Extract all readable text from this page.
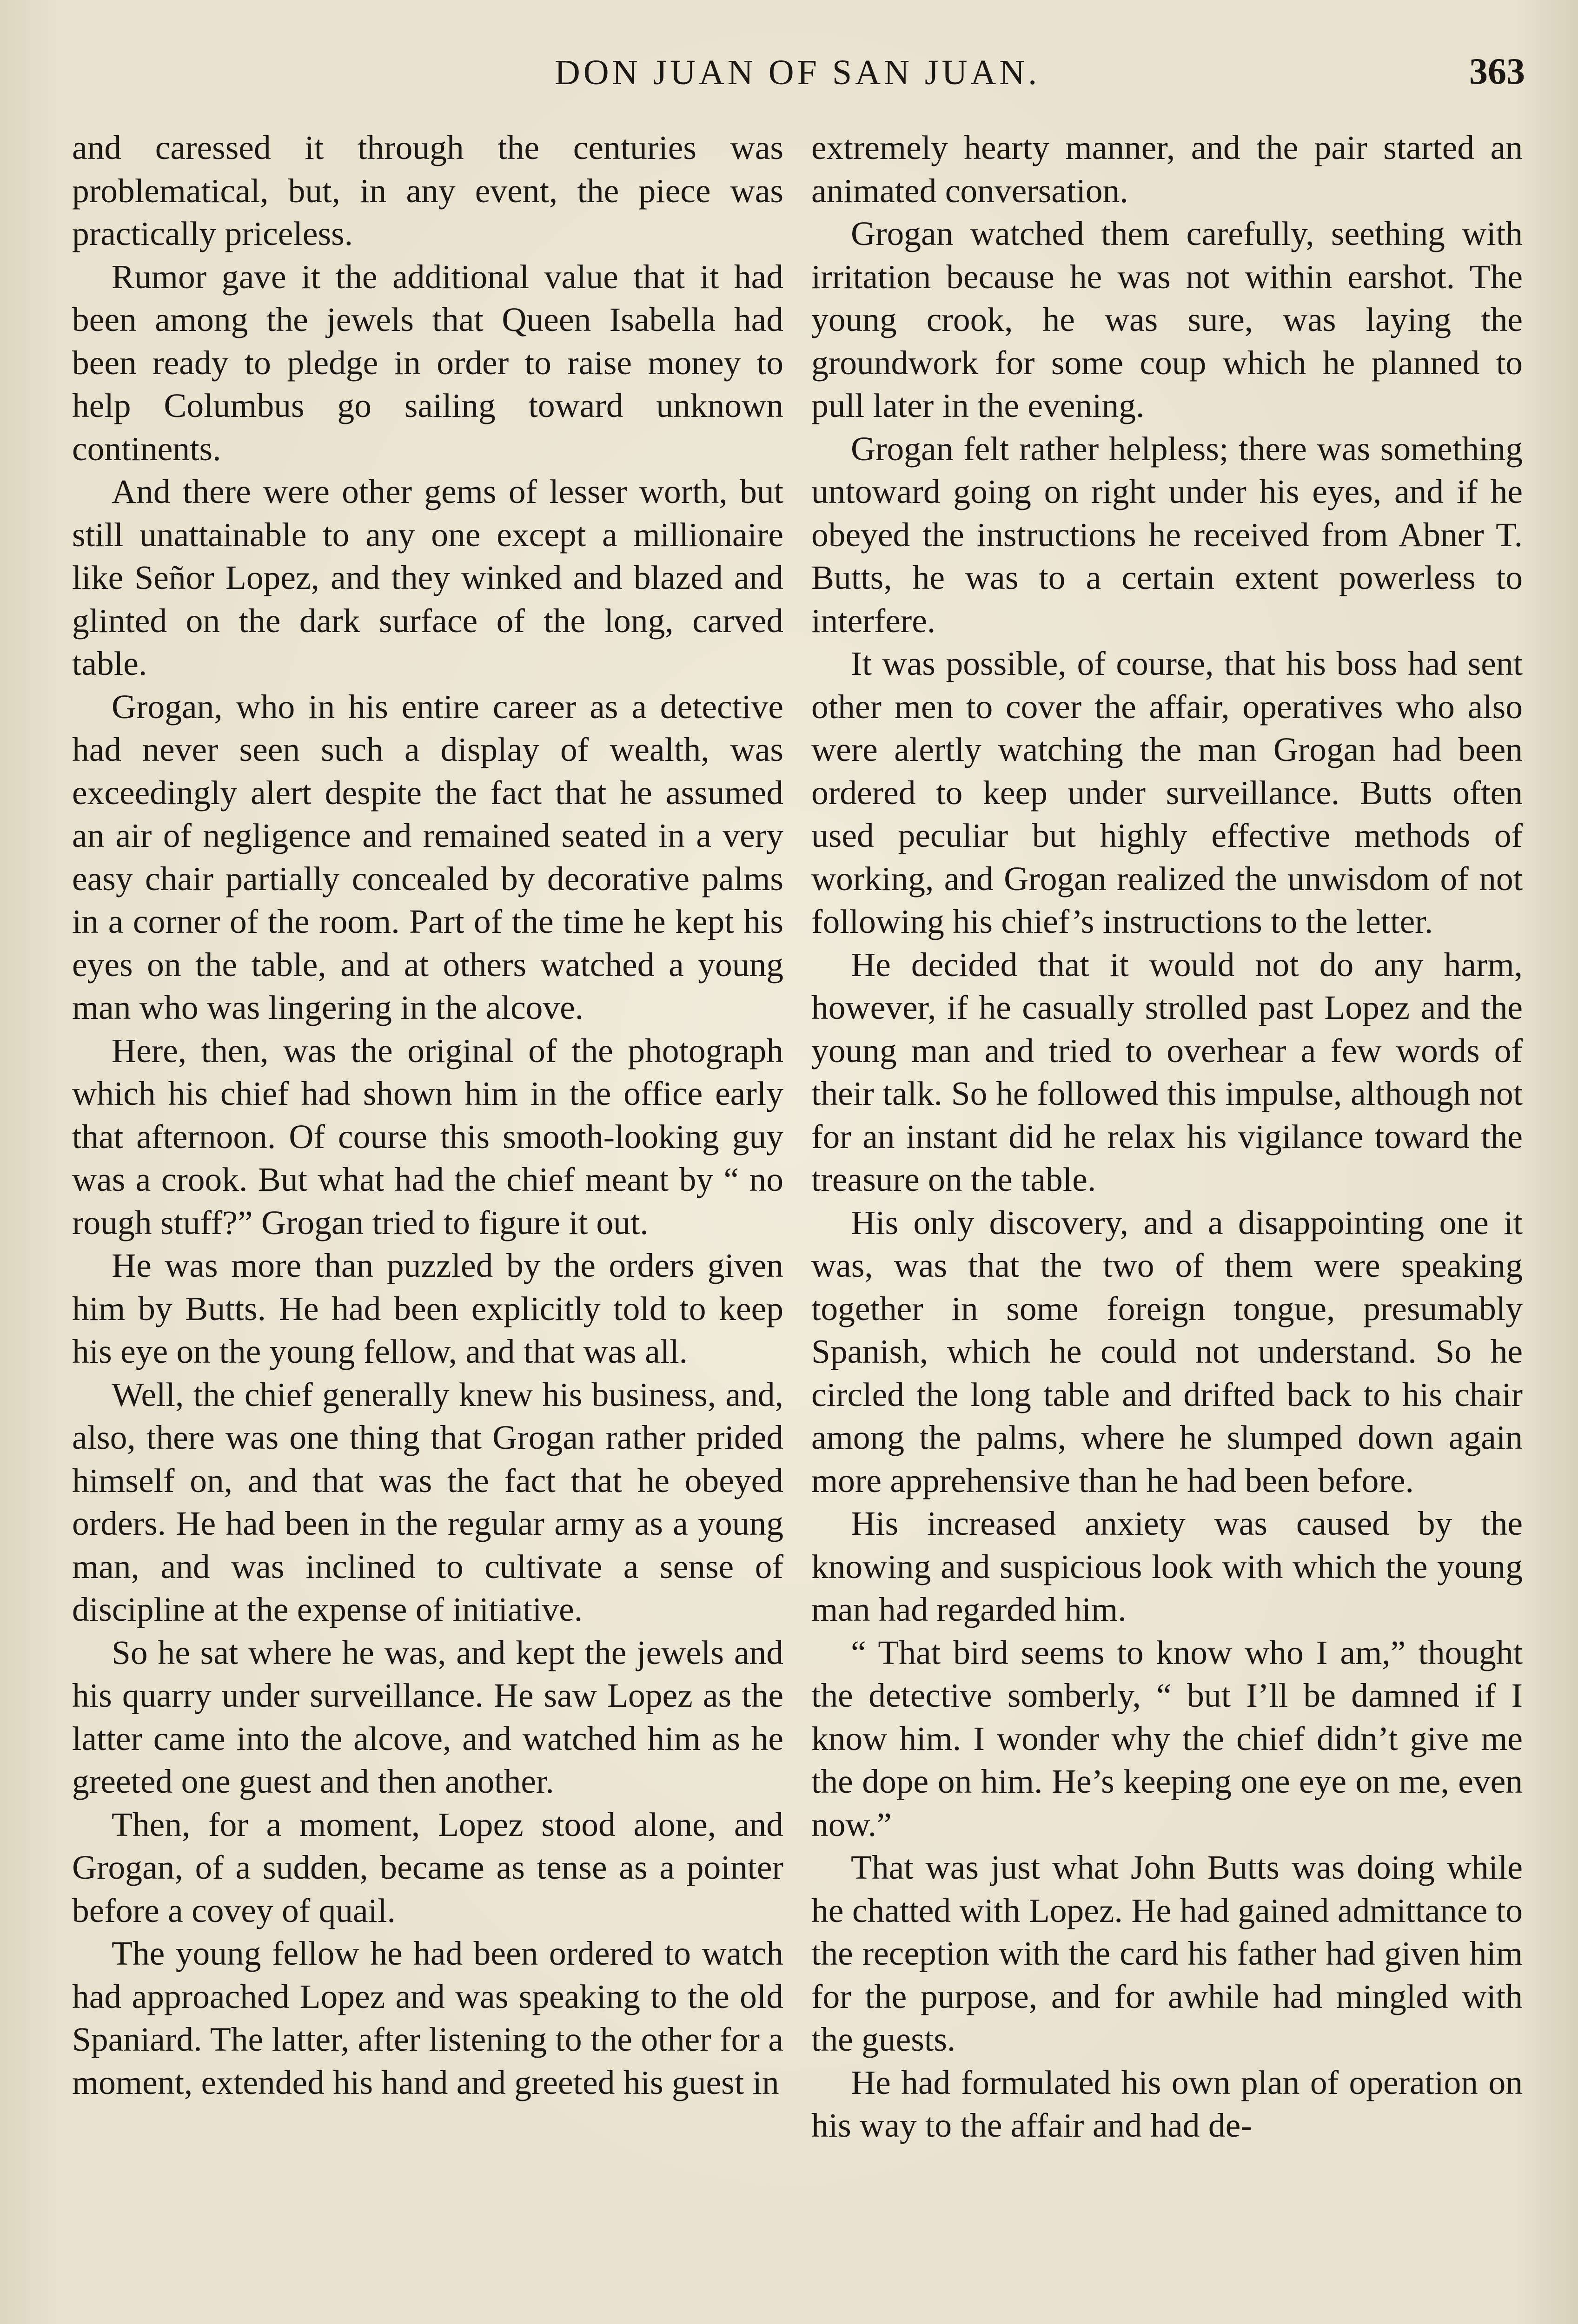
DON JUAN OF SAN JUAN.	363

and caressed it through the centuries was problematical, but, in any event, the piece was practically priceless.

Rumor gave it the additional value that it had been among the jewels that Queen Isabella had been ready to pledge in order to raise money to help Columbus go sailing toward unknown continents.

And there were other gems of lesser worth, but still unattainable to any one except a millionaire like Señor Lopez, and they winked and blazed and glinted on the dark surface of the long, carved table.

Grogan, who in his entire career as a detective had never seen such a display of wealth, was exceedingly alert despite the fact that he assumed an air of negligence and remained seated in a very easy chair partially concealed by decorative palms in a corner of the room. Part of the time he kept his eyes on the table, and at others watched a young man who was lingering in the alcove.

Here, then, was the original of the photograph which his chief had shown him in the office early that afternoon. Of course this smooth-looking guy was a crook. But what had the chief meant by “ no rough stuff?” Grogan tried to figure it out.

He was more than puzzled by the orders given him by Butts. He had been explicitly told to keep his eye on the young fellow, and that was all.

Well, the chief generally knew his business, and, also, there was one thing that Grogan rather prided himself on, and that was the fact that he obeyed orders. He had been in the regular army as a young man, and was inclined to cultivate a sense of discipline at the expense of initiative.

So he sat where he was, and kept the jewels and his quarry under surveillance. He saw Lopez as the latter came into the alcove, and watched him as he greeted one guest and then another.

Then, for a moment, Lopez stood alone, and Grogan, of a sudden, became as tense as a pointer before a covey of quail.

The young fellow he had been ordered to watch had approached Lopez and was speaking to the old Spaniard. The latter, after listening to the other for a moment, extended his hand and greeted his guest in

extremely hearty manner, and the pair started an animated conversation.

Grogan watched them carefully, seething with irritation because he was not within earshot. The young crook, he was sure, was laying the groundwork for some coup which he planned to pull later in the evening.

Grogan felt rather helpless; there was something untoward going on right under his eyes, and if he obeyed the instructions he received from Abner T. Butts, he was to a certain extent powerless to interfere.

It was possible, of course, that his boss had sent other men to cover the affair, operatives who also were alertly watching the man Grogan had been ordered to keep under surveillance. Butts often used peculiar but highly effective methods of working, and Grogan realized the unwisdom of not following his chief’s instructions to the letter.

He decided that it would not do any harm, however, if he casually strolled past Lopez and the young man and tried to overhear a few words of their talk. So he followed this impulse, although not for an instant did he relax his vigilance toward the treasure on the table.

His only discovery, and a disappointing one it was, was that the two of them were speaking together in some foreign tongue, presumably Spanish, which he could not understand. So he circled the long table and drifted back to his chair among the palms, where he slumped down again more apprehensive than he had been before.

His increased anxiety was caused by the knowing and suspicious look with which the young man had regarded him.

“ That bird seems to know who I am,” thought the detective somberly, “ but I’ll be damned if I know him. I wonder why the chief didn’t give me the dope on him. He’s keeping one eye on me, even now.”

That was just what John Butts was doing while he chatted with Lopez. He had gained admittance to the reception with the card his father had given him for the purpose, and for awhile had mingled with the guests.

He had formulated his own plan of operation on his way to the affair and had de-
